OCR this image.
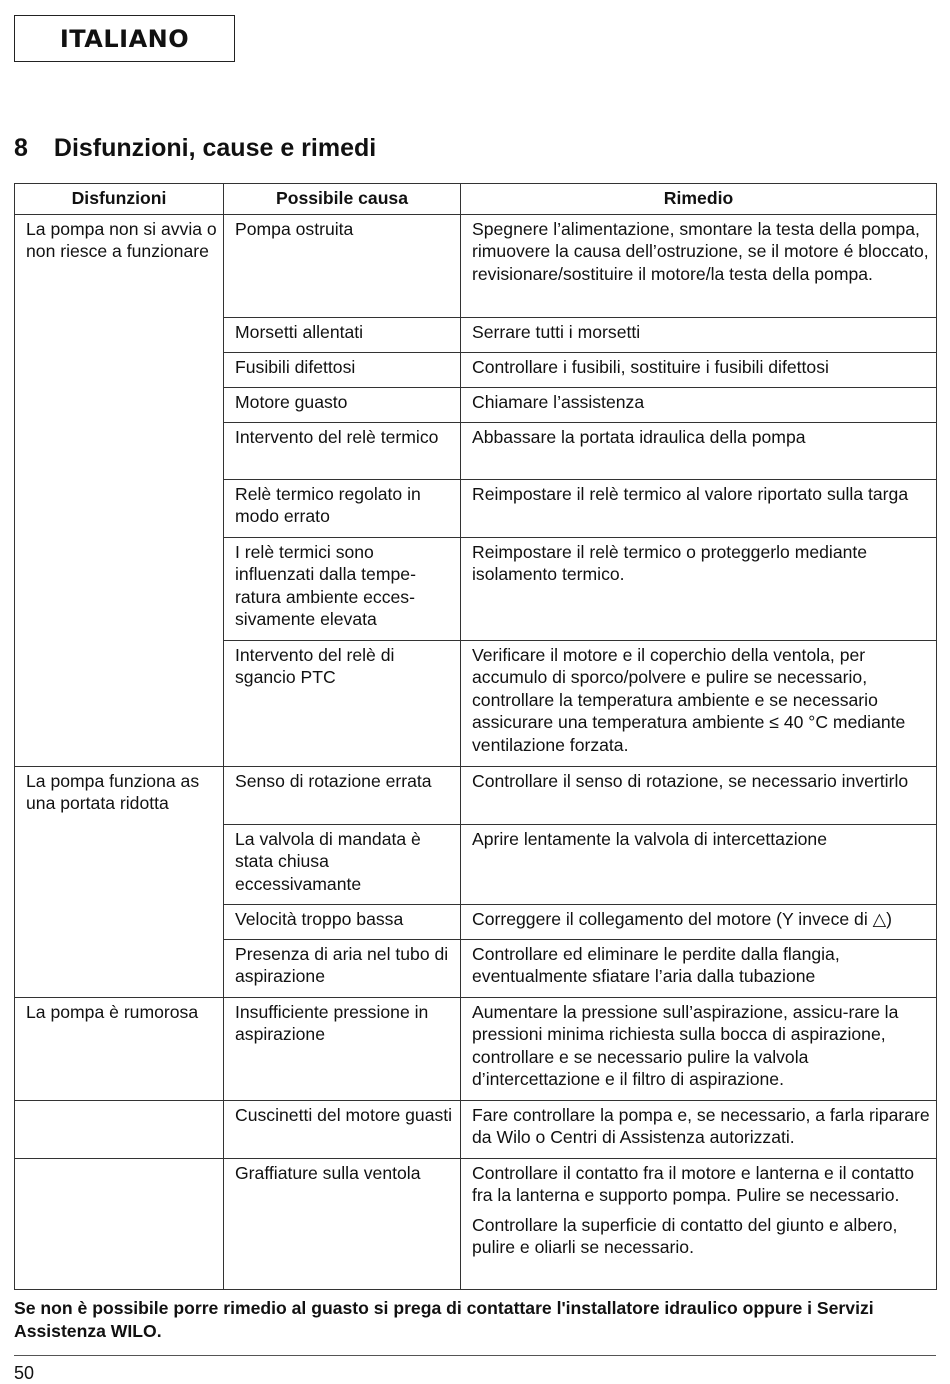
ITALIANO
8 Disfunzioni, cause e rimedi
Disfunzioni	Possibile causa	Rimedio
La pompa non si avvia o non riesce a funzionare	Pompa ostruita	Spegnere l’alimentazione, smontare la testa della pompa, rimuovere la causa dell’ostruzione, se il motore é bloccato, revisionare/sostituire il motore/la testa della pompa.

	Morsetti allentati	Serrare tutti i morsetti

	Fusibili difettosi	Controllare i fusibili, sostituire i fusibili difettosi

	Motore guasto	Chiamare l’assistenza

	Intervento del relè termico	Abbassare la portata idraulica della pompa

	Relè termico regolato in modo errato	Reimpostare il relè termico al valore riportato sulla targa

	I relè termici sono influenzati dalla tempe-ratura ambiente ecces-sivamente elevata	Reimpostare il relè termico o proteggerlo mediante isolamento termico.

	Intervento del relè di sgancio PTC	Verificare il motore e il coperchio della ventola, per accumulo di sporco/polvere e pulire se necessario, controllare la temperatura ambiente e se necessario assicurare una temperatura ambiente ≤ 40 °C mediante ventilazione forzata.

La pompa funziona as una portata ridotta	Senso di rotazione errata	Controllare il senso di rotazione, se necessario invertirlo

	La valvola di mandata è stata chiusa eccessivamante	Aprire lentamente la valvola di intercettazione

	Velocità troppo bassa	Correggere il collegamento del motore (Y invece di △)

	Presenza di aria nel tubo di aspirazione	Controllare ed eliminare le perdite dalla flangia, eventualmente sfiatare l’aria dalla tubazione

La pompa è rumorosa	Insufficiente pressione in aspirazione	Aumentare la pressione sull’aspirazione, assicu-rare la pressioni minima richiesta sulla bocca di aspirazione, controllare e se necessario pulire la valvola d’intercettazione e il filtro di aspirazione.

	Cuscinetti del motore guasti	Fare controllare la pompa e, se necessario, a farla riparare da Wilo o Centri di Assistenza autorizzati.

	Graffiature sulla ventola	Controllare il contatto fra il motore e lanterna e il contatto fra la lanterna e supporto pompa. Pulire se necessario.
Controllare la superficie di contatto del giunto e albero, pulire e oliarli se necessario.

Se non è possibile porre rimedio al guasto si prega di contattare l'installatore idraulico oppure i Servizi Assistenza WILO.

50
